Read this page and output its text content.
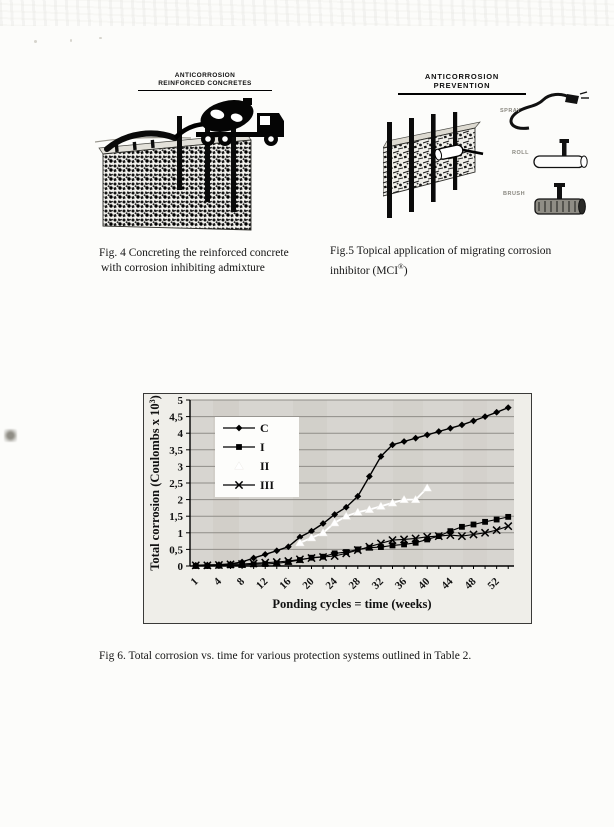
ANTICORROSION
REINFORCED CONCRETES
ANTICORROSION
PREVENTION
SPRAY
ROLL
BRUSH
Fig. 4 Concreting the reinforced concrete
with corrosion inhibiting admixture
Fig.5 Topical application of migrating corrosion
inhibitor (MCI®)
0
0,5
1
1,5
2
2,5
3
3,5
4
4,5
5
1 4 8 12 16 20 24 28 32 36 40 44 48 52
C
I
II
III
Ponding cycles = time (weeks)
Total corrosion (Coulombs x $10^3$)
Fig 6. Total corrosion vs. time for various protection systems outlined in Table 2.
